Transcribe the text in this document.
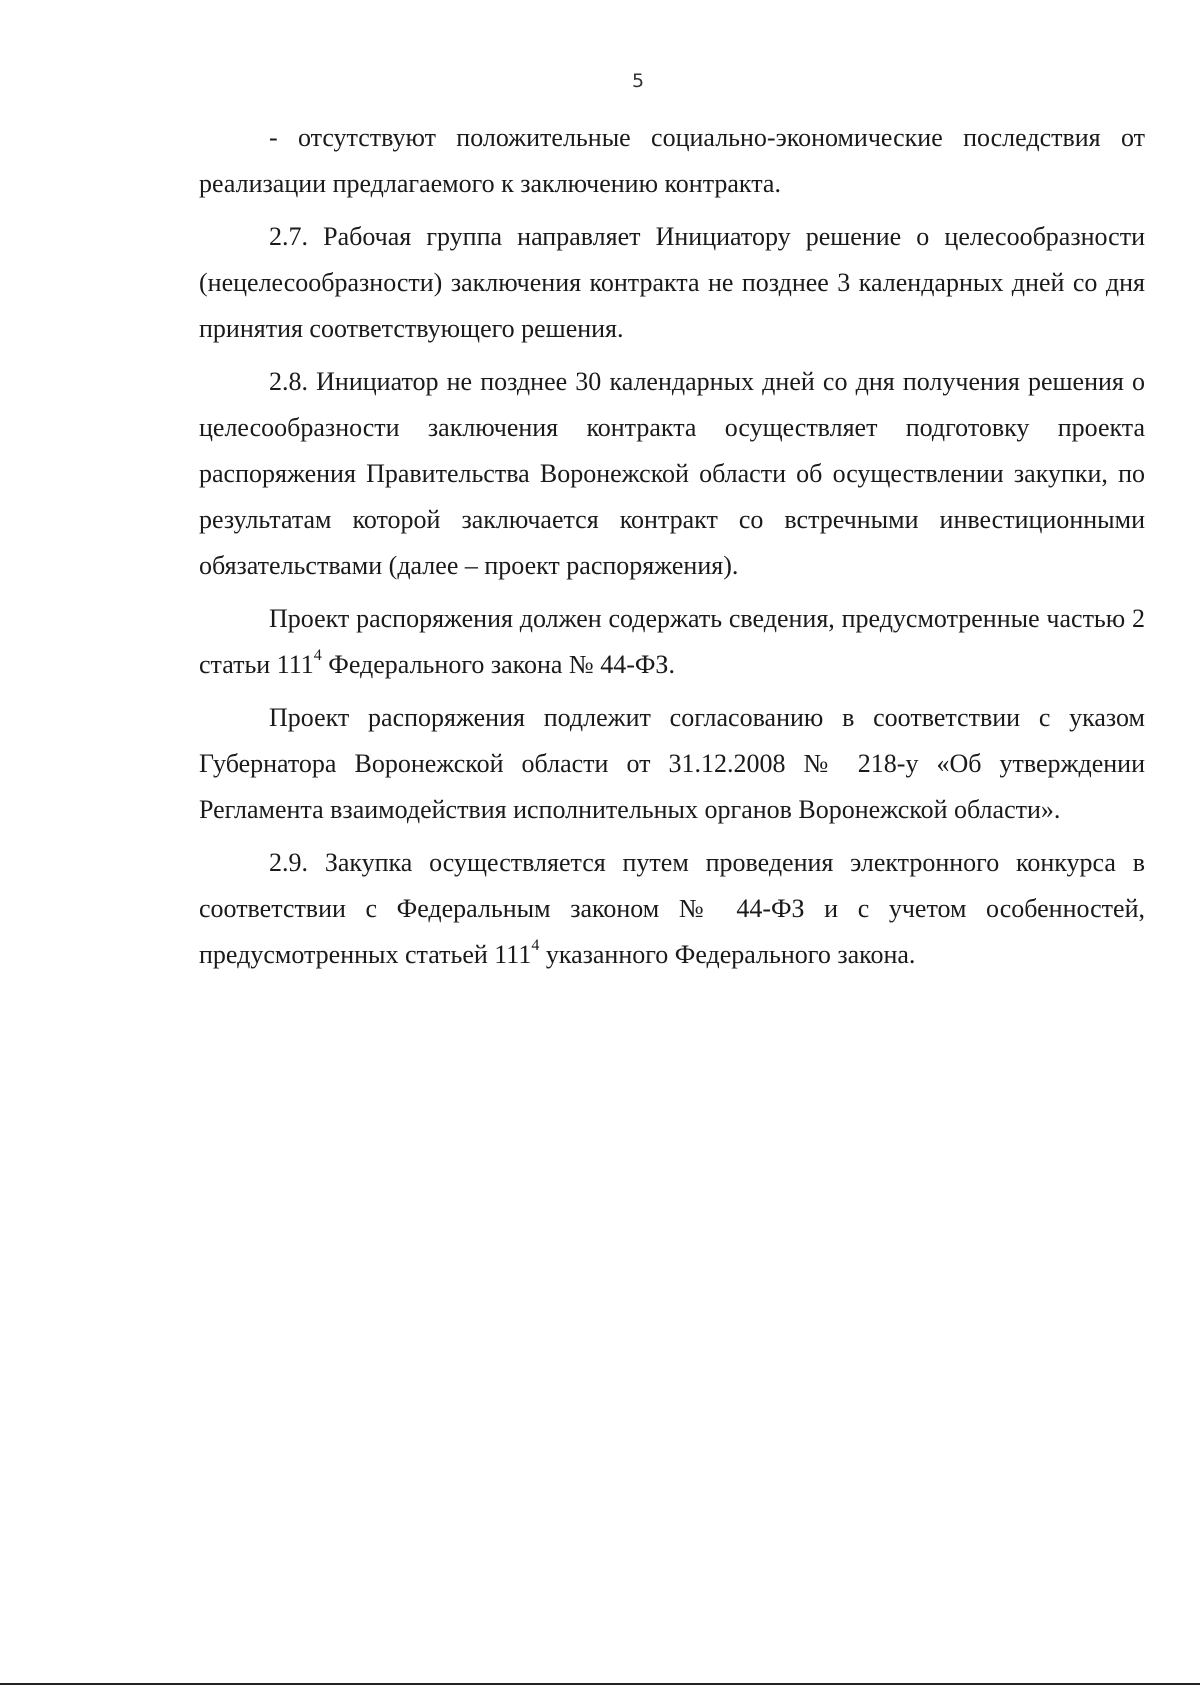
5

- отсутствуют положительные социально-экономические последствия от реализации предлагаемого к заключению контракта.

2.7. Рабочая группа направляет Инициатору решение о целесообразности (нецелесообразности) заключения контракта не позднее 3 календарных дней со дня принятия соответствующего решения.

2.8. Инициатор не позднее 30 календарных дней со дня получения решения о целесообразности заключения контракта осуществляет подготовку проекта распоряжения Правительства Воронежской области об осуществлении закупки, по результатам которой заключается контракт со встречными инвестиционными обязательствами (далее – проект распоряжения).

Проект распоряжения должен содержать сведения, предусмотренные частью 2 статьи $111^4$ Федерального закона № 44-ФЗ.

Проект распоряжения подлежит согласованию в соответствии с указом Губернатора Воронежской области от 31.12.2008 № 218-у «Об утверждении Регламента взаимодействия исполнительных органов Воронежской области».

2.9. Закупка осуществляется путем проведения электронного конкурса в соответствии с Федеральным законом № 44-ФЗ и с учетом особенностей, предусмотренных статьей $111^4$ указанного Федерального закона.
